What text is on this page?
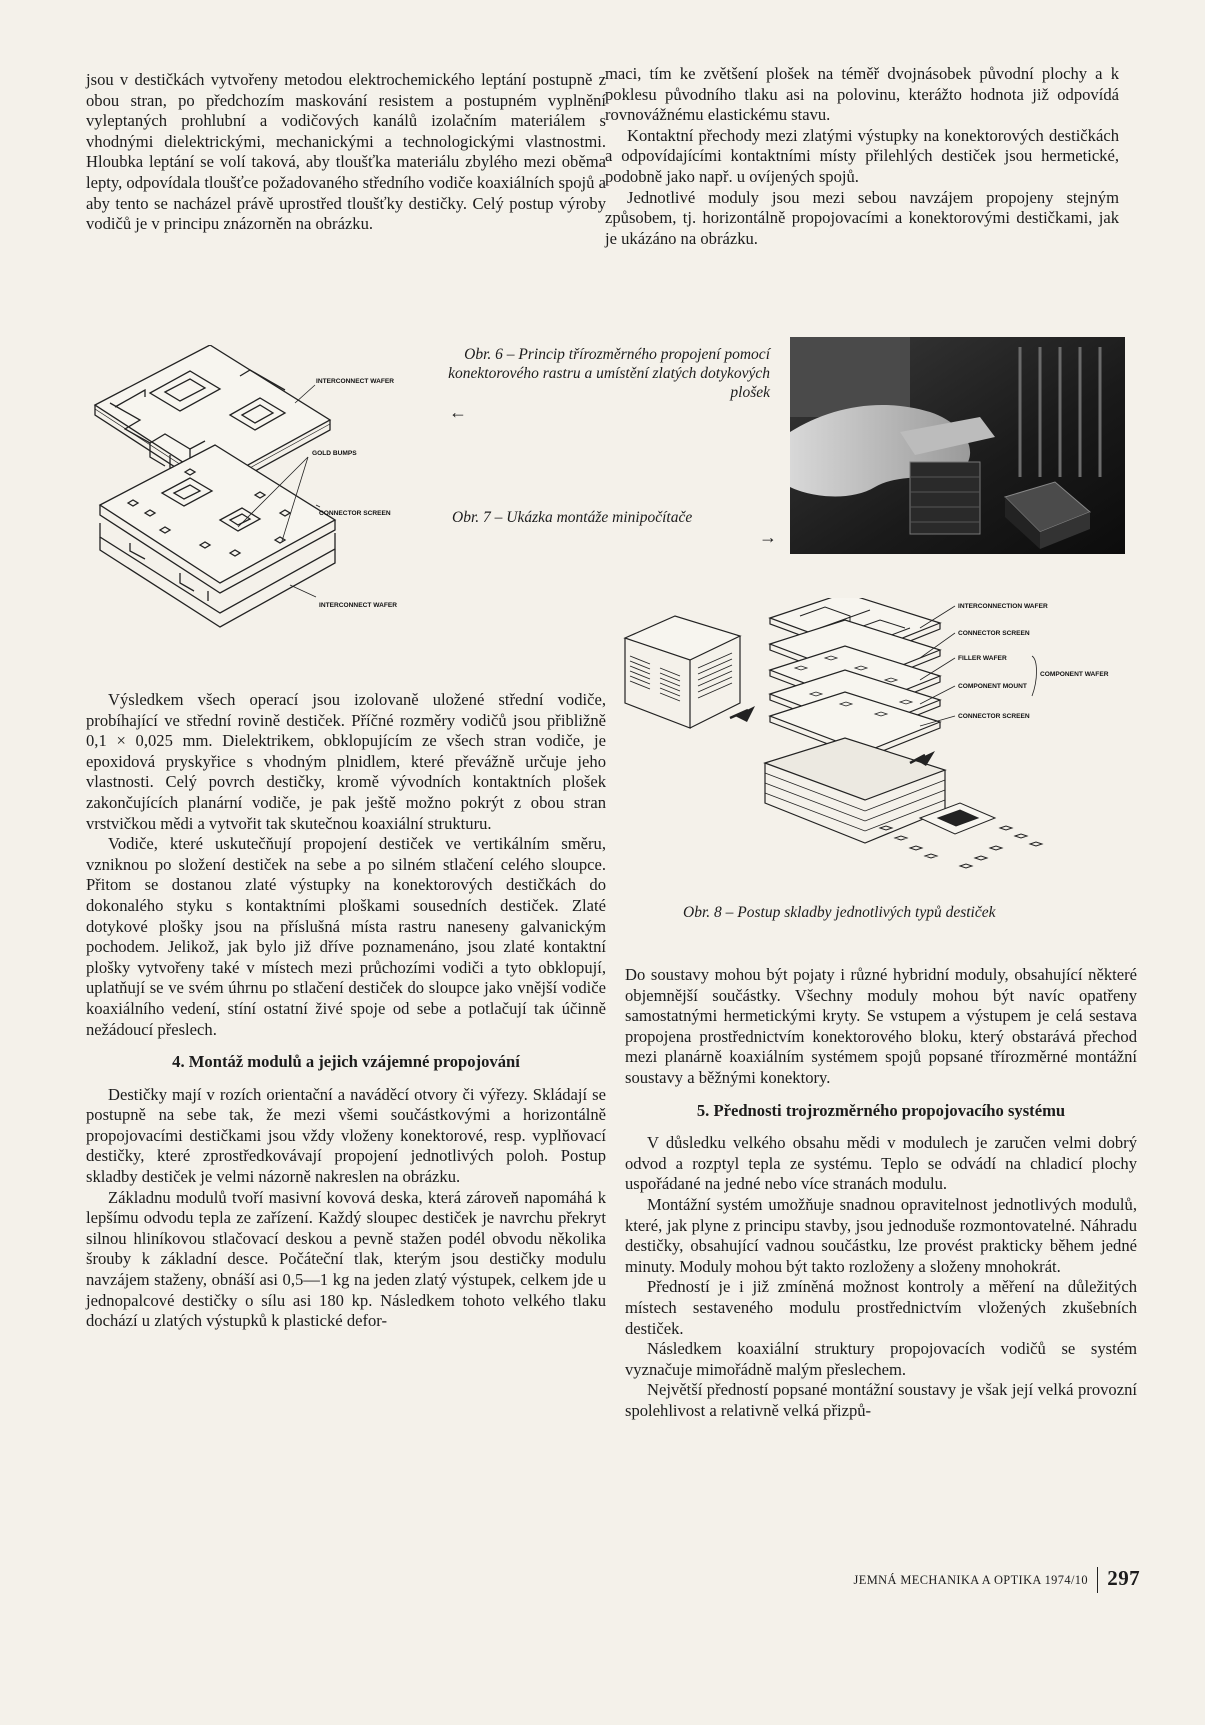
jsou v destičkách vytvořeny metodou elektrochemického leptání postupně z obou stran, po předchozím maskování resistem a postupném vyplnění vyleptaných prohlubní a vodičových kanálů izolačním materiálem s vhodnými dielektrickými, mechanickými a technologickými vlastnostmi. Hloubka leptání se volí taková, aby tloušťka materiálu zbylého mezi oběma lepty, odpovídala tloušťce požadovaného středního vodiče koaxiálních spojů a aby tento se nacházel právě uprostřed tloušťky destičky. Celý postup výroby vodičů je v principu znázorněn na obrázku.

maci, tím ke zvětšení plošek na téměř dvojnásobek původní plochy a k poklesu původního tlaku asi na polovinu, kterážto hodnota již odpovídá rovnovážnému elastickému stavu.

Kontaktní přechody mezi zlatými výstupky na konektorových destičkách a odpovídajícími kontaktními místy přilehlých destiček jsou hermetické, podobně jako např. u ovíjených spojů.

Jednotlivé moduly jsou mezi sebou navzájem propojeny stejným způsobem, tj. horizontálně propojovacími a konektorovými destičkami, jak je ukázáno na obrázku.

INTERCONNECT WAFER
GOLD BUMPS
CONNECTOR SCREEN
INTERCONNECT WAFER
Obr. 6 – Princip třírozměrného propojení pomocí konektorového rastru a umístění zlatých dotykových plošek
←
Obr. 7 – Ukázka montáže minipočítače
→
INTERCONNECTION WAFER
CONNECTOR SCREEN
FILLER WAFER
COMPONENT MOUNT
COMPONENT WAFER
CONNECTOR SCREEN
Obr. 8 – Postup skladby jednotlivých typů destiček

Výsledkem všech operací jsou izolovaně uložené střední vodiče, probíhající ve střední rovině destiček. Příčné rozměry vodičů jsou přibližně 0,1 × 0,025 mm. Dielektrikem, obklopujícím ze všech stran vodiče, je epoxidová pryskyřice s vhodným plnidlem, které převážně určuje jeho vlastnosti. Celý povrch destičky, kromě vývodních kontaktních plošek zakončujících planární vodiče, je pak ještě možno pokrýt z obou stran vrstvičkou mědi a vytvořit tak skutečnou koaxiální strukturu.

Vodiče, které uskutečňují propojení destiček ve vertikálním směru, vzniknou po složení destiček na sebe a po silném stlačení celého sloupce. Přitom se dostanou zlaté výstupky na konektorových destičkách do dokonalého styku s kontaktními ploškami sousedních destiček. Zlaté dotykové plošky jsou na příslušná místa rastru naneseny galvanickým pochodem. Jelikož, jak bylo již dříve poznamenáno, jsou zlaté kontaktní plošky vytvořeny také v místech mezi průchozími vodiči a tyto obklopují, uplatňují se ve svém úhrnu po stlačení destiček do sloupce jako vnější vodiče koaxiálního vedení, stíní ostatní živé spoje od sebe a potlačují tak účinně nežádoucí přeslech.

4. Montáž modulů a jejich vzájemné propojování

Destičky mají v rozích orientační a naváděcí otvory či výřezy. Skládají se postupně na sebe tak, že mezi všemi součástkovými a horizontálně propojovacími destičkami jsou vždy vloženy konektorové, resp. vyplňovací destičky, které zprostředkovávají propojení jednotlivých poloh. Postup skladby destiček je velmi názorně nakreslen na obrázku.

Základnu modulů tvoří masivní kovová deska, která zároveň napomáhá k lepšímu odvodu tepla ze zařízení. Každý sloupec destiček je navrchu překryt silnou hliníkovou stlačovací deskou a pevně stažen podél obvodu několika šrouby k základní desce. Počáteční tlak, kterým jsou destičky modulu navzájem staženy, obnáší asi 0,5—1 kg na jeden zlatý výstupek, celkem jde u jednopalcové destičky o sílu asi 180 kp. Následkem tohoto velkého tlaku dochází u zlatých výstupků k plastické defor-

Do soustavy mohou být pojaty i různé hybridní moduly, obsahující některé objemnější součástky. Všechny moduly mohou být navíc opatřeny samostatnými hermetickými kryty. Se vstupem a výstupem je celá sestava propojena prostřednictvím konektorového bloku, který obstarává přechod mezi planárně koaxiálním systémem spojů popsané třírozměrné montážní soustavy a běžnými konektory.

5. Přednosti trojrozměrného propojovacího systému

V důsledku velkého obsahu mědi v modulech je zaručen velmi dobrý odvod a rozptyl tepla ze systému. Teplo se odvádí na chladicí plochy uspořádané na jedné nebo více stranách modulu.

Montážní systém umožňuje snadnou opravitelnost jednotlivých modulů, které, jak plyne z principu stavby, jsou jednoduše rozmontovatelné. Náhradu destičky, obsahující vadnou součástku, lze provést prakticky během jedné minuty. Moduly mohou být takto rozloženy a složeny mnohokrát.

Předností je i již zmíněná možnost kontroly a měření na důležitých místech sestaveného modulu prostřednictvím vložených zkušebních destiček.

Následkem koaxiální struktury propojovacích vodičů se systém vyznačuje mimořádně malým přeslechem.

Největší předností popsané montážní soustavy je však její velká provozní spolehlivost a relativně velká přizpů-

JEMNÁ MECHANIKA A OPTIKA 1974/10 297
